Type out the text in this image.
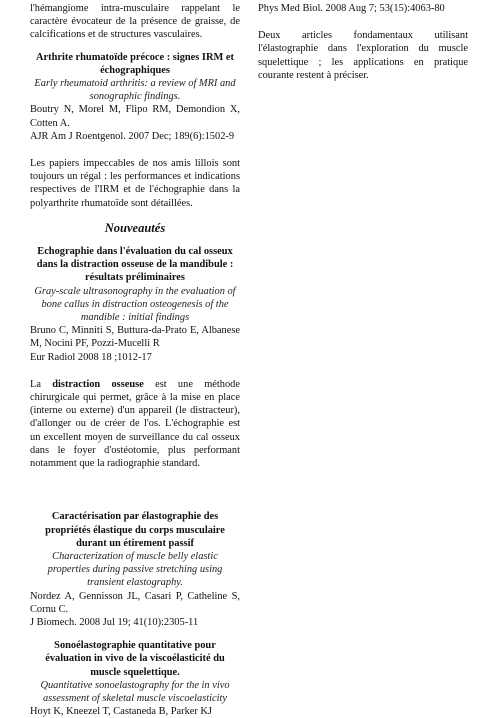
l'hémangiome intra-musculaire rappelant le caractère évocateur de la présence de graisse, de calcifications et de structures vasculaires.

Arthrite rhumatoïde précoce : signes IRM et échographiques

Early rheumatoid arthritis: a review of MRI and sonographic findings.

Boutry N, Morel M, Flipo RM, Demondion X, Cotten A.

AJR Am J Roentgenol. 2007 Dec; 189(6):1502-9

Les papiers impeccables de nos amis lillois sont toujours un régal : les performances et indications respectives de l'IRM et de l'échographie dans la polyarthrite rhumatoïde sont détaillées.

Nouveautés

Echographie dans l'évaluation du cal osseux dans la distraction osseuse de la mandibule : résultats préliminaires

Gray-scale ultrasonography in the evaluation of bone callus in distraction osteogenesis of the mandible : initial findings

Bruno C, Minniti S, Buttura-da-Prato E, Albanese M, Nocini PF, Pozzi-Mucelli R

Eur Radiol 2008 18 ;1012-17

La distraction osseuse est une méthode chirurgicale qui permet, grâce à la mise en place (interne ou externe) d'un appareil (le distracteur), d'allonger ou de créer de l'os. L'échographie est un excellent moyen de surveillance du cal osseux dans le foyer d'ostéotomie, plus performant notamment que la radiographie standard.

Caractérisation par élastographie des propriétés élastique du corps musculaire durant un étirement passif

Characterization of muscle belly elastic properties during passive stretching using transient elastography.

Nordez A, Gennisson JL, Casari P, Catheline S, Cornu C.

J Biomech. 2008 Jul 19; 41(10):2305-11

Sonoélastographie quantitative pour évaluation in vivo de la viscoélasticité du muscle squelettique.

Quantitative sonoelastography for the in vivo assessment of skeletal muscle viscoelasticity

Hoyt K, Kneezel T, Castaneda B, Parker KJ

Phys Med Biol. 2008 Aug 7; 53(15):4063-80

Deux articles fondamentaux utilisant l'élastographie dans l'exploration du muscle squelettique ; les applications en pratique courante restent à préciser.
